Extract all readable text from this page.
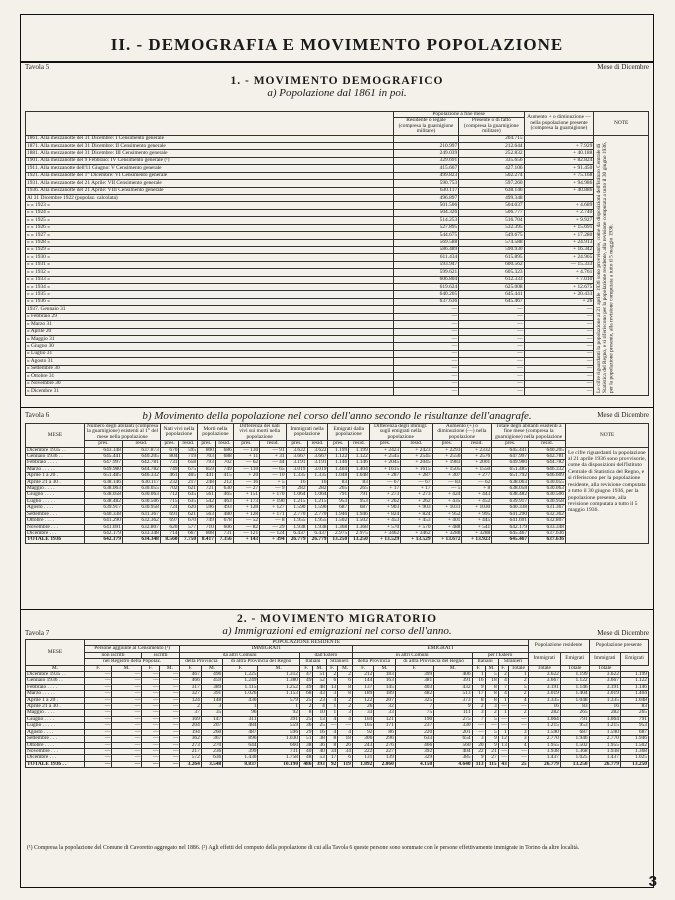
II. - DEMOGRAFIA E MOVIMENTO POPOLAZIONE
Tavola 5	Mese di Dicembre
1. - MOVIMENTO DEMOGRAFICO
a) Popolazione dal 1861 in poi.
	Popolazione a fine mese		Aumento + o diminuzione — nella popolazione presente (compresa la guarnigione)	NOTE
	Residente o legale (compresa la guarnigione militare)	Presente o di fatto (compresa la guarnigione militare)		
1861. Alla mezzanotte del 31 Dicembre: I Censimento generale		204.715		Le cifre riguardanti la popolazione al 21 aprile 1936 sono provvisorie, come da disposizioni dell'Istituto Centrale di Statistica del Regno, e si riferiscono per la popolazione residente, alla revisione computata a tutto il 30 giugno 1936, per la popolazione presente, alla revisione computata a tutto il 5 maggio 1936.

1871. Alla mezzanotte del 31 Dicembre: II Censimento generale	210.997	212.644	+ 7.929	
1881. Alla mezzanotte del 31 Dicembre: III Censimento generale	249.039	252.832	+ 40.188	
1901. Alla mezzanotte del 9 Febbraio: IV Censimento generale (¹)	329.691	335.656	+ 82.824	
1911. Alla mezzanotte dell'11 Giugno: V Censimento generale	415.667	427.106	+ 91.450	
1921. Alla mezzanotte del 1° Dicembre: VI Censimento generale	499.823	502.274	+ 75.168	
1931. Alla mezzanotte del 21 Aprile: VII Censimento generale	590.753	597.260	+ 94.986	
1936. Alla mezzanotte del 21 Aprile: VIII Censimento generale	630.117	638.146	+ 40.886	
Al 31 Dicembre 1922 (popolaz. calcolata)	496.897	499.348		
» » 1923 »	501.506	504.037	+ 4.689	
» » 1924 »	504.326	506.777	+ 2.740	
» » 1925 »	514.253	516.704	+ 9.927	
» » 1926 »	527.895	532.395	+ 15.691	
» » 1927 »	544.675	549.675	+ 17.280	
» » 1928 »	569.588	574.588	+ 24.913	
» » 1929 »	586.489	590.930	+ 16.342	
» » 1930 »	611.434	615.895	+ 24.965	
» » 1931 »	593.947	600.562	— 15.333	
» » 1932 »	599.621	605.323	+ 4.761	
» » 1933 »	606.804	612.333	+ 7.010	
» » 1934 »	619.624	625.008	+ 12.675	
» » 1935 »	640.205	645.441	+ 20.433	
» » 1936 »	637.636	645.467	+ 26	
1937. Gennaio 31	—	—	—	
» Febbraio 29	—	—	—	
» Marzo 31	—	—	—	
» Aprile 20	—	—	—	
» Maggio 31	—	—	—	
» Giugno 30	—	—	—	
» Luglio 31	—	—	—	
» Agosto 31	—	—	—	
» Settembre 30	—	—	—	
» Ottobre 31	—	—	—	
» Novembre 30	—	—	—	
» Dicembre 31	—	—	—	
Tavola 6	Mese di Dicembre
b) Movimento della popolazione nel corso dell'anno secondo le risultanze dell'anagrafe.
MESE	Numero degli abitanti (compresa la guarnigione) esistenti al 1° del mese nella popolazione		Nati vivi nella popolazione		Morti nella popolazione		Differenza dei nati vivi sui morti nella popolazione		Immigrati nella popolazione		Emigrati dalla popolazione		Differenza degli immigr. sugli emigrati nella popolazione		Aumento (+) o diminuzione (—) nella popolazione		Totale degli abitanti esistenti a fine mese (compresa la guarnigione) nella popolazione		NOTE
	pres.	resid.	pres.	resid.	pres.	resid.	pres.	resid.	pres.	resid.	pres.	resid.	pres.	resid.	pres.	resid.	pres.	resid.	
Dicembre 1935 . .	643.148	637.873	670	595	800	686	— 130	— 91	3.622	3.622	1.199	1.199	+ 2423	+ 2423	+ 2293	+ 2332	645.441	640.205	Le cifre riguardanti la popolazione al 21 aprile 1936 sono provvisorie, come da disposizioni dell'Istituto Centrale di Statistica del Regno, e si riferiscono per la popolazione residente, alla revisione computata a tutto il 30 giugno 1936, per la popolazione presente, alla revisione computata a tutto il 5 maggio 1936.
Gennaio 1936 . .	645.441	640.205	804	719	703	688	+ 11	+ 31	3.667	3.667	1.122	1.122	+ 2545	+ 2545	+ 2556	+ 2576	647.997	642.781	
Febbraio . . . .	647.997	642.781	731	658	793	702	— 62	— 44	3.191	3.191	1.146	1.146	+ 2045	+ 2045	+ 1983	+ 2001	649.980	644.782	
Marzo . . . . .	649.980	644.782	749	675	859	749	— 110	— 65	3.019	3.019	1.404	1.404	+ 1615	+ 1615	+ 1505	+ 1550	651.485	646.332	
Aprile 1 a 20 .	651.485	646.332	461	405	441	415	+ 20	— 10	1.335	1.335	1.048	1.048	+ 287	+ 287	+ 307	+ 277	651.792	646.609	
Aprile 21 a 30 .	638.146	630.117	232	217	248	212	— 16	+ 5	16	16	83	83	— 67	— 67	— 83	— 62	638.063	630.055	
Maggio . . . .	638.063	630.055	702	621	721	630	— 27	— 9	282	282	265	265	+ 17	+ 17	— 5	+ 8	638.058	630.063	
Giugno . . . .	638.058	630.063	712	635	561	465	+ 151	+ 170	1.064	1.064	791	791	+ 273	+ 273	+ 424	+ 443	638.482	630.506	
Luglio . . . . .	638.482	630.506	715	635	542	463	+ 173	+ 190	1.215	1.215	953	953	+ 262	+ 262	+ 435	+ 452	639.917	630.958	
Agosto . . . .	639.917	630.958	724	620	596	493	+ 128	+ 127	1.590	1.590	687	687	+ 903	+ 903	+ 1031	+ 1030	640.338	631.367	
Settembre . . .	640.338	631.367	691	621	563	480	+ 128	+ 171	2.770	2.770	1.946	1.946	+ 824	+ 824	+ 952	+ 995	641.290	632.362	
Ottobre . . . .	641.290	632.362	697	670	749	678	— 52	— 8	1.955	1.955	1.502	1.502	+ 453	+ 453	+ 401	+ 445	641.691	632.807	
Novembre . . .	641.691	632.807	620	577	710	606	— 82	— 29	1.938	1.938	1.368	1.368	+ 570	+ 570	+ 488	+ 541	642.179	633.348	
Dicembre . . .	642.179	633.348	714	667	808	731	— 121	— 124	6.437	6.437	2.975	2.975	+ 3462	+ 3462	+ 3288	+ 3288	645.467	637.636	
TOTALE 1936	642.179	634.348	8.560	7.750	8.417	7.356	+ 143	+ 394	26.779	26.779	13.250	13.250	+ 13.529	+ 13.529	+ 13.672	+ 13.923	645.467	637.636	
2. - MOVIMENTO MIGRATORIO
a) Immigrazioni ed emigrazioni nel corso dell'anno.
Tavola 7	Mese di Dicembre
MESE	POPOLAZIONE RESIDENTE																				Popolazione residente		Popolazione presente	
	Persone aggiunte al Censimento (¹)				IMMIGRATI								EMIGRATI											
	non iscritti		iscritti		da altri Comuni				dall'Estero				in altri Comuni				per l'Estero				Immigrati	Emigrati	Immigrati	Emigrati
	nel Registro della Popolaz.				della Provincia		di altra Provincia del Regno		Italiani		Stranieri		della Provincia		di altra Provincia del Regno		Italiani		Stranieri					
M.	F.	M.	F.	M.	F.	M.	F.	M.	F.	M.	F.	M.	F.	M.	F.	M.	F.	M.	F.	Totale	Totale	Totale	Totale	
Dicembre 1935 . .	—	—	—	—	467	496	1.225	1.312	47	51	2	2	212	183	399	406	1	5	2	1	3.622	1.199	3.622	1.199
Gennaio 1936 . .	—	—	—	—	466	459	1.249	1.380	49	52	6	6	144	163	381	391	16	18	4	2	3.667	1.122	3.667	1.122
Febbraio . . . .	—	—	—	—	317	389	1.115	1.252	49	48	13	8	137	145	403	432	9	8	7	5	3.191	1.146	3.191	1.146
Marzo . . . . .	—	—	—	—	327	391	1.026	1.153	68	43	3	8	189	189	482	513	17	8	4	2	3.019	1.404	3.019	1.404
Aprile 1 a 20 .	—	—	—	—	124	148	430	579	25	23	4	2	122	207	325	373	8	8	1	4	1.335	1.048	1.335	1.048
Aprile 21 a 30 .	—	—	—	—	2	3	1	1	2	4	1	2	26	32	7	9	2	3	—	—	16	83	16	83
Maggio . . . .	—	—	—	—	37	35	96	92	8	10	1	3	33	33	75	111	3	2	1	2	282	265	282	265
Giugno . . . .	—	—	—	—	169	147	311	391	25	13	4	4	104	121	190	275	7	5	—	—	1.064	791	1.064	791
Luglio . . . . .	—	—	—	—	204	207	484	559	36	25	—	—	165	171	237	330	—	—	—	—	1.215	953	1.215	953
Agosto . . . .	—	—	—	—	194	260	487	596	29	16	4	4	92	86	220	201	—	5	1	3	1.590	687	1.590	687
Settembre . . .	—	—	—	—	362	367	896	1.030	51	38	8	18	306	296	633	654	3	9	12	3	2.770	1.946	2.770	1.946
Ottobre . . . .	—	—	—	—	273	270	644	660	38	36	8	26	243	276	466	560	20	9	13	4	1.955	1.502	1.955	1.502
Novembre . . .	—	—	—	—	217	236	399	731	40	40	34	34	222	227	392	404	22	21	—	—	1.938	1.368	1.938	1.368
Dicembre . . .	—	—	—	—	572	636	1.430	1.758	48	53	17	6	131	139	329	385	9	27	—	—	1.437	1.025	1.437	1.025
TOTALE 1936 . .	—	—	—	—	3.264	3.548	8.837	10.190	486	393	92	119	1.892	2.060	4.150	4.640	113	115	43	25	26.779	13.250	26.779	13.250
(¹) Compresa la popolazione del Comune di Cavoretto aggregato nel 1886. (²) Agli effetti del computo della popolazione di cui alla Tavola 6 queste persone sono sommate con le persone effettivamente immigrate in Torino da altre località.
3
